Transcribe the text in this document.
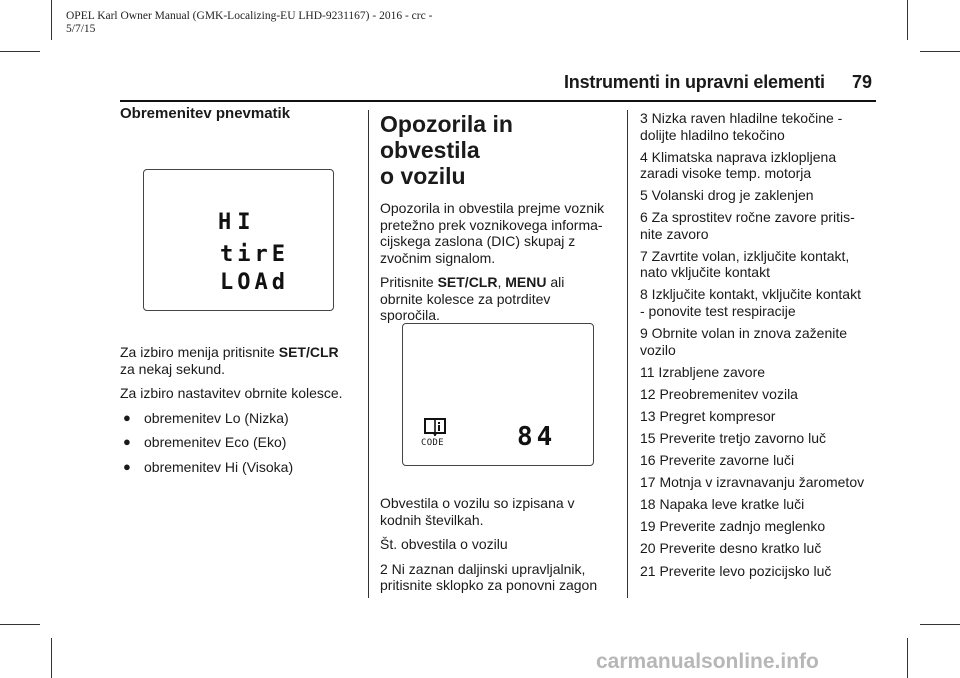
OPEL Karl Owner Manual (GMK-Localizing-EU LHD-9231167) - 2016 - crc -
5/7/15
Instrumenti in upravni elementi 79

Obremenitev pnevmatik

HI
tirE
LOAd

Za izbiro menija pritisnite SET/CLR
za nekaj sekund.

Za izbiro nastavitev obrnite kolesce.

● obremenitev Lo (Nizka)
● obremenitev Eco (Eko)
● obremenitev Hi (Visoka)
Opozorila in obvestila
o vozilu

Opozorila in obvestila prejme voznik
pretežno prek voznikovega informa-
cijskega zaslona (DIC) skupaj z
zvočnim signalom.

Pritisnite SET/CLR, MENU ali
obrnite kolesce za potrditev
sporočila.

CODE	84

Obvestila o vozilu so izpisana v
kodnih številkah.

Št. obvestila o vozilu

2 Ni zaznan daljinski upravljalnik,
pritisnite sklopko za ponovni zagon

3 Nizka raven hladilne tekočine -
dolijte hladilno tekočino

4 Klimatska naprava izklopljena
zaradi visoke temp. motorja

5 Volanski drog je zaklenjen

6 Za sprostitev ročne zavore pritis-
nite zavoro

7 Zavrtite volan, izključite kontakt,
nato vključite kontakt

8 Izključite kontakt, vključite kontakt
- ponovite test respiracije

9 Obrnite volan in znova zaženite
vozilo

11 Izrabljene zavore

12 Preobremenitev vozila

13 Pregret kompresor

15 Preverite tretjo zavorno luč

16 Preverite zavorne luči

17 Motnja v izravnavanju žarometov

18 Napaka leve kratke luči

19 Preverite zadnjo meglenko

20 Preverite desno kratko luč

21 Preverite levo pozicijsko luč

carmanualsonline.info
